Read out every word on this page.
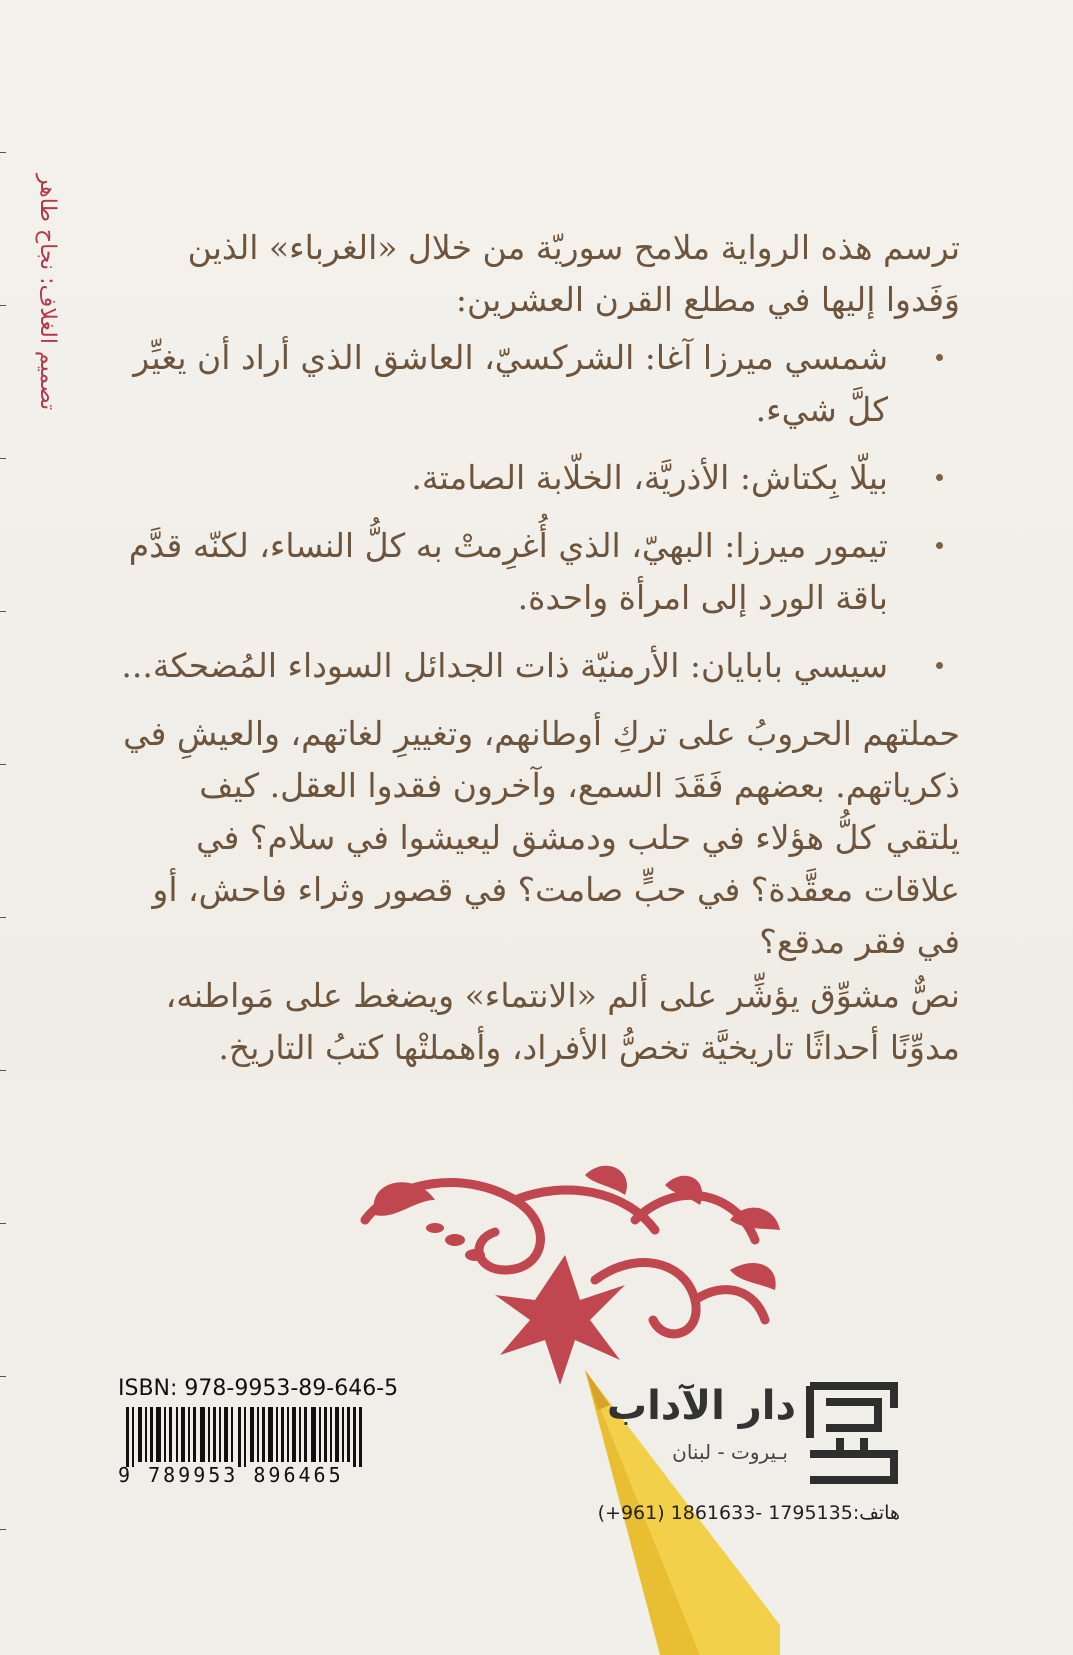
تصميم الغلاف: نجاح طاهر	ترسم هذه الرواية ملامح سوريّة من خلال «الغرباء» الذين وَفَدوا إليها في مطلع القرن العشرين:

شمسي ميرزا آغا: الشركسيّ، العاشق الذي أراد أن يغيِّر كلَّ شيء.
بيلّا بِكتاش: الأذريَّة، الخلّابة الصامتة.
تيمور ميرزا: البهيّ، الذي أُغرِمتْ به كلُّ النساء، لكنّه قدَّم باقة الورد إلى امرأة واحدة.
سيسي بابايان: الأرمنيّة ذات الجدائل السوداء المُضحكة...

حملتهم الحروبُ على تركِ أوطانهم، وتغييرِ لغاتهم، والعيشِ في ذكرياتهم. بعضهم فَقَدَ السمع، وآخرون فقدوا العقل. كيف يلتقي كلُّ هؤلاء في حلب ودمشق ليعيشوا في سلام؟ في علاقات معقَّدة؟ في حبٍّ صامت؟ في قصور وثراء فاحش، أو في فقر مدقع؟

نصٌّ مشوِّق يؤشِّر على ألم «الانتماء» ويضغط على مَواطنه، مدوِّنًا أحداثًا تاريخيَّة تخصُّ الأفراد، وأهملتْها كتبُ التاريخ.

ISBN: 978-9953-89-646-5
9 789953 896465
دار الآداب
بـيروت - لبنان
هاتف:1795135 -1861633 (961+)
